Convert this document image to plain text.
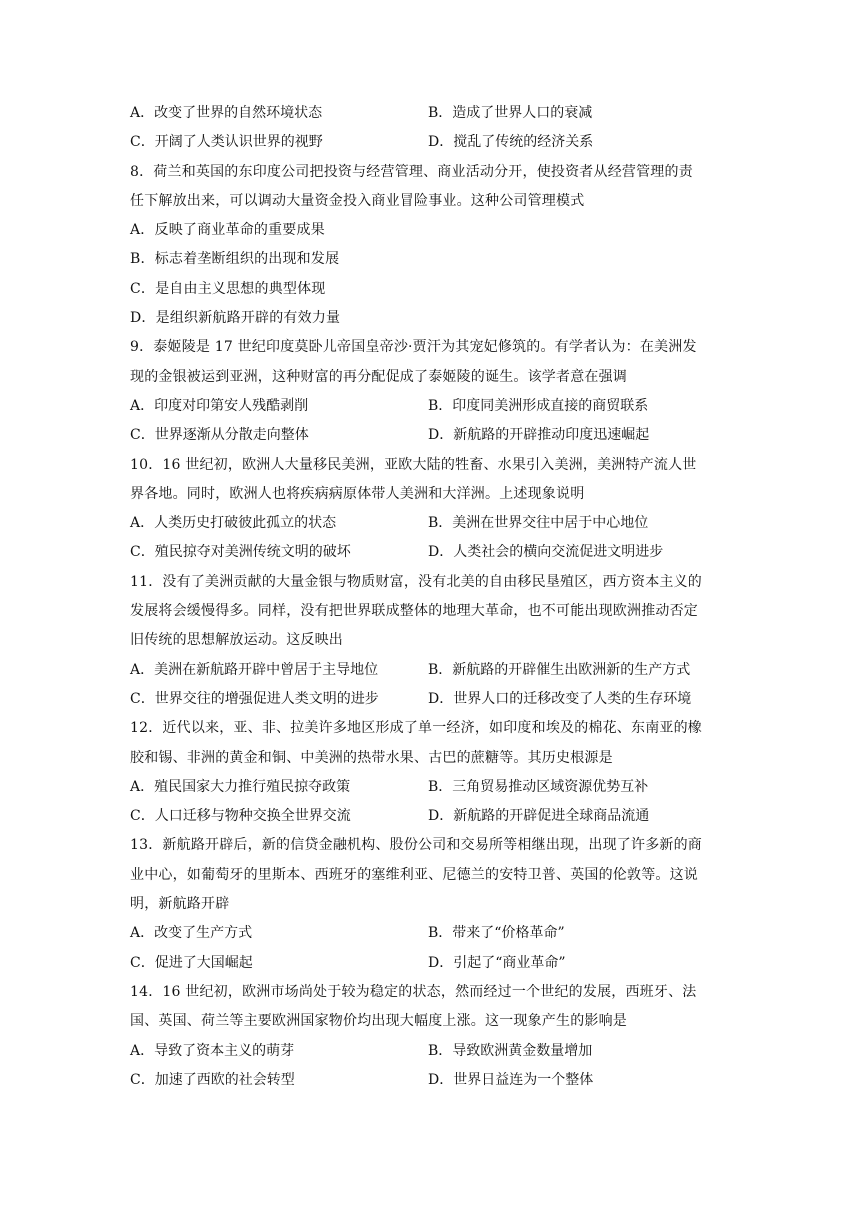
A．改变了世界的自然环境状态	B．造成了世界人口的衰减
C．开阔了人类认识世界的视野	D．搅乱了传统的经济关系
8．荷兰和英国的东印度公司把投资与经营管理、商业活动分开，使投资者从经营管理的责
任下解放出来，可以调动大量资金投入商业冒险事业。这种公司管理模式
A．反映了商业革命的重要成果
B．标志着垄断组织的出现和发展
C．是自由主义思想的典型体现
D．是组织新航路开辟的有效力量
9．泰姬陵是 17 世纪印度莫卧儿帝国皇帝沙·贾汗为其宠妃修筑的。有学者认为：在美洲发
现的金银被运到亚洲，这种财富的再分配促成了泰姬陵的诞生。该学者意在强调
A．印度对印第安人残酷剥削	B．印度同美洲形成直接的商贸联系
C．世界逐渐从分散走向整体	D．新航路的开辟推动印度迅速崛起
10．16 世纪初，欧洲人大量移民美洲，亚欧大陆的牲畜、水果引入美洲，美洲特产流人世
界各地。同时，欧洲人也将疾病病原体带人美洲和大洋洲。上述现象说明
A．人类历史打破彼此孤立的状态	B．美洲在世界交往中居于中心地位
C．殖民掠夺对美洲传统文明的破坏	D．人类社会的横向交流促进文明进步
11．没有了美洲贡献的大量金银与物质财富，没有北美的自由移民垦殖区，西方资本主义的
发展将会缓慢得多。同样，没有把世界联成整体的地理大革命，也不可能出现欧洲推动否定
旧传统的思想解放运动。这反映出
A．美洲在新航路开辟中曾居于主导地位	B．新航路的开辟催生出欧洲新的生产方式
C．世界交往的增强促进人类文明的进步	D．世界人口的迁移改变了人类的生存环境
12．近代以来，亚、非、拉美许多地区形成了单一经济，如印度和埃及的棉花、东南亚的橡
胶和锡、非洲的黄金和铜、中美洲的热带水果、古巴的蔗糖等。其历史根源是
A．殖民国家大力推行殖民掠夺政策	B．三角贸易推动区域资源优势互补
C．人口迁移与物种交换全世界交流	D．新航路的开辟促进全球商品流通
13．新航路开辟后，新的信贷金融机构、股份公司和交易所等相继出现，出现了许多新的商
业中心，如葡萄牙的里斯本、西班牙的塞维利亚、尼德兰的安特卫普、英国的伦敦等。这说
明，新航路开辟
A．改变了生产方式	B．带来了“价格革命”
C．促进了大国崛起	D．引起了“商业革命”
14．16 世纪初，欧洲市场尚处于较为稳定的状态，然而经过一个世纪的发展，西班牙、法
国、英国、荷兰等主要欧洲国家物价均出现大幅度上涨。这一现象产生的影响是
A．导致了资本主义的萌芽	B．导致欧洲黄金数量增加
C．加速了西欧的社会转型	D．世界日益连为一个整体
